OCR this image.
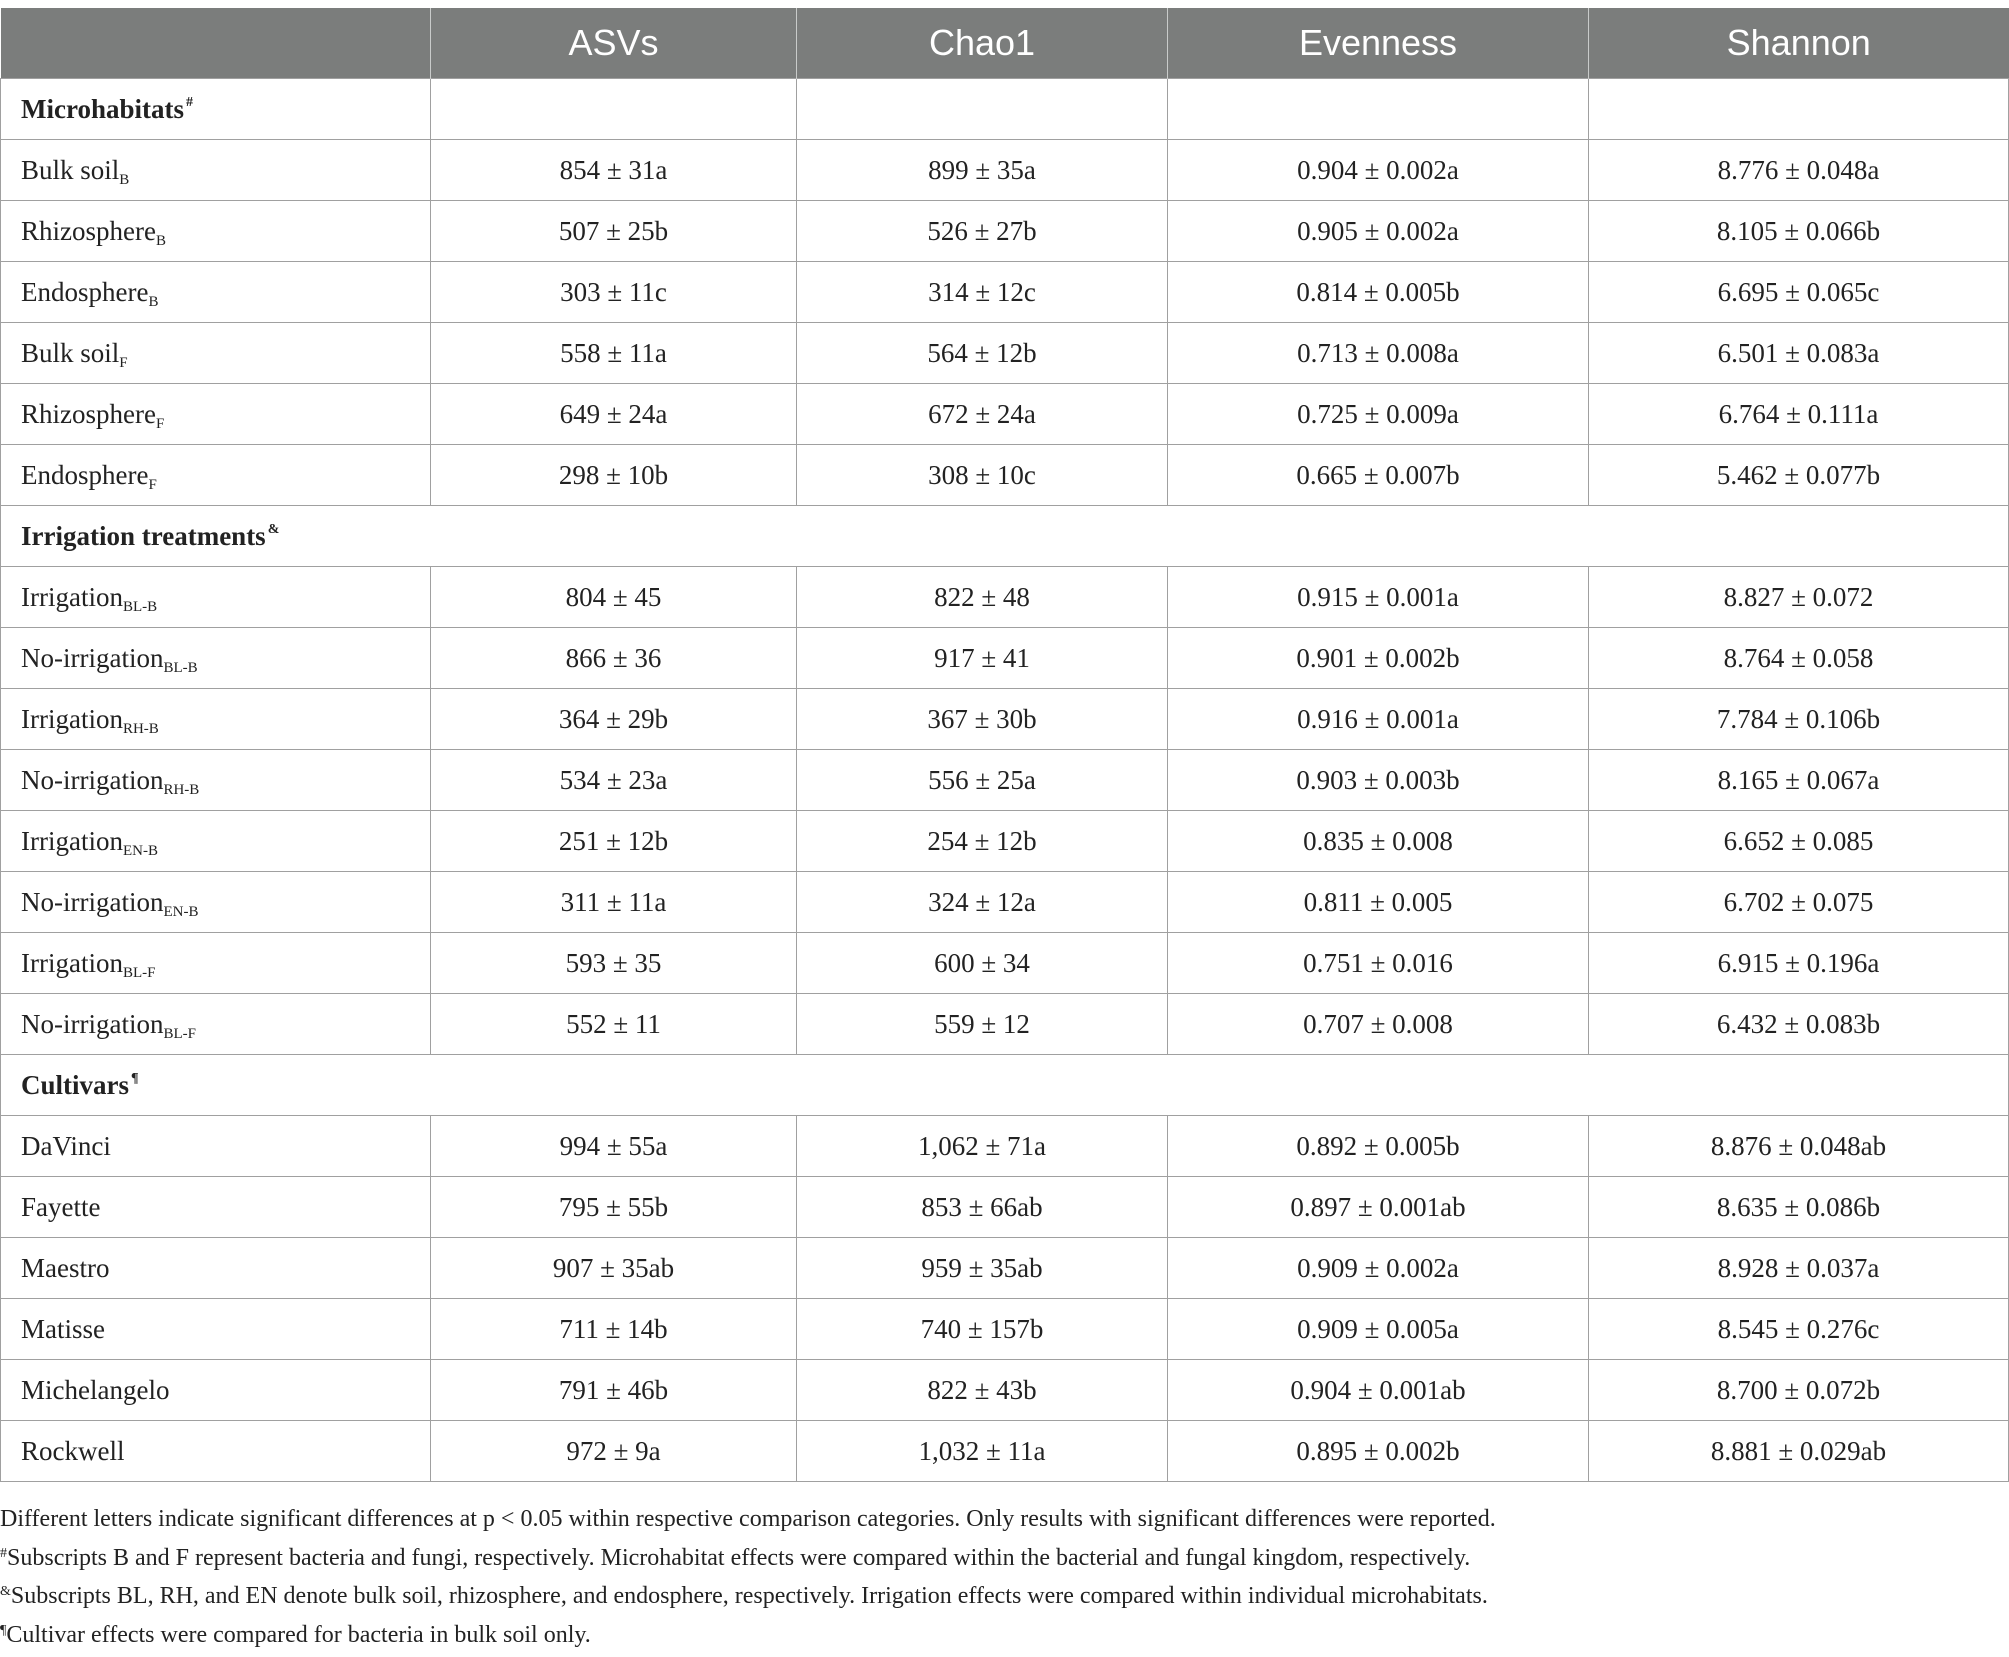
	ASVs	Chao1	Evenness	Shannon
Microhabitats #				
Bulk soil$_B$	854 ± 31a	899 ± 35a	0.904 ± 0.002a	8.776 ± 0.048a
Rhizosphere$_B$	507 ± 25b	526 ± 27b	0.905 ± 0.002a	8.105 ± 0.066b
Endosphere$_B$	303 ± 11c	314 ± 12c	0.814 ± 0.005b	6.695 ± 0.065c
Bulk soil$_F$	558 ± 11a	564 ± 12b	0.713 ± 0.008a	6.501 ± 0.083a
Rhizosphere$_F$	649 ± 24a	672 ± 24a	0.725 ± 0.009a	6.764 ± 0.111a
Endosphere$_F$	298 ± 10b	308 ± 10c	0.665 ± 0.007b	5.462 ± 0.077b
Irrigation treatments &
Irrigation$_{BL-B}$	804 ± 45	822 ± 48	0.915 ± 0.001a	8.827 ± 0.072
No-irrigation$_{BL-B}$	866 ± 36	917 ± 41	0.901 ± 0.002b	8.764 ± 0.058
Irrigation$_{RH-B}$	364 ± 29b	367 ± 30b	0.916 ± 0.001a	7.784 ± 0.106b
No-irrigation$_{RH-B}$	534 ± 23a	556 ± 25a	0.903 ± 0.003b	8.165 ± 0.067a
Irrigation$_{EN-B}$	251 ± 12b	254 ± 12b	0.835 ± 0.008	6.652 ± 0.085
No-irrigation$_{EN-B}$	311 ± 11a	324 ± 12a	0.811 ± 0.005	6.702 ± 0.075
Irrigation$_{BL-F}$	593 ± 35	600 ± 34	0.751 ± 0.016	6.915 ± 0.196a
No-irrigation$_{BL-F}$	552 ± 11	559 ± 12	0.707 ± 0.008	6.432 ± 0.083b
Cultivars ¶
DaVinci	994 ± 55a	1,062 ± 71a	0.892 ± 0.005b	8.876 ± 0.048ab
Fayette	795 ± 55b	853 ± 66ab	0.897 ± 0.001ab	8.635 ± 0.086b
Maestro	907 ± 35ab	959 ± 35ab	0.909 ± 0.002a	8.928 ± 0.037a
Matisse	711 ± 14b	740 ± 157b	0.909 ± 0.005a	8.545 ± 0.276c
Michelangelo	791 ± 46b	822 ± 43b	0.904 ± 0.001ab	8.700 ± 0.072b
Rockwell	972 ± 9a	1,032 ± 11a	0.895 ± 0.002b	8.881 ± 0.029ab
Different letters indicate significant differences at p < 0.05 within respective comparison categories. Only results with significant differences were reported.
#Subscripts B and F represent bacteria and fungi, respectively. Microhabitat effects were compared within the bacterial and fungal kingdom, respectively.
&Subscripts BL, RH, and EN denote bulk soil, rhizosphere, and endosphere, respectively. Irrigation effects were compared within individual microhabitats.
¶Cultivar effects were compared for bacteria in bulk soil only.
